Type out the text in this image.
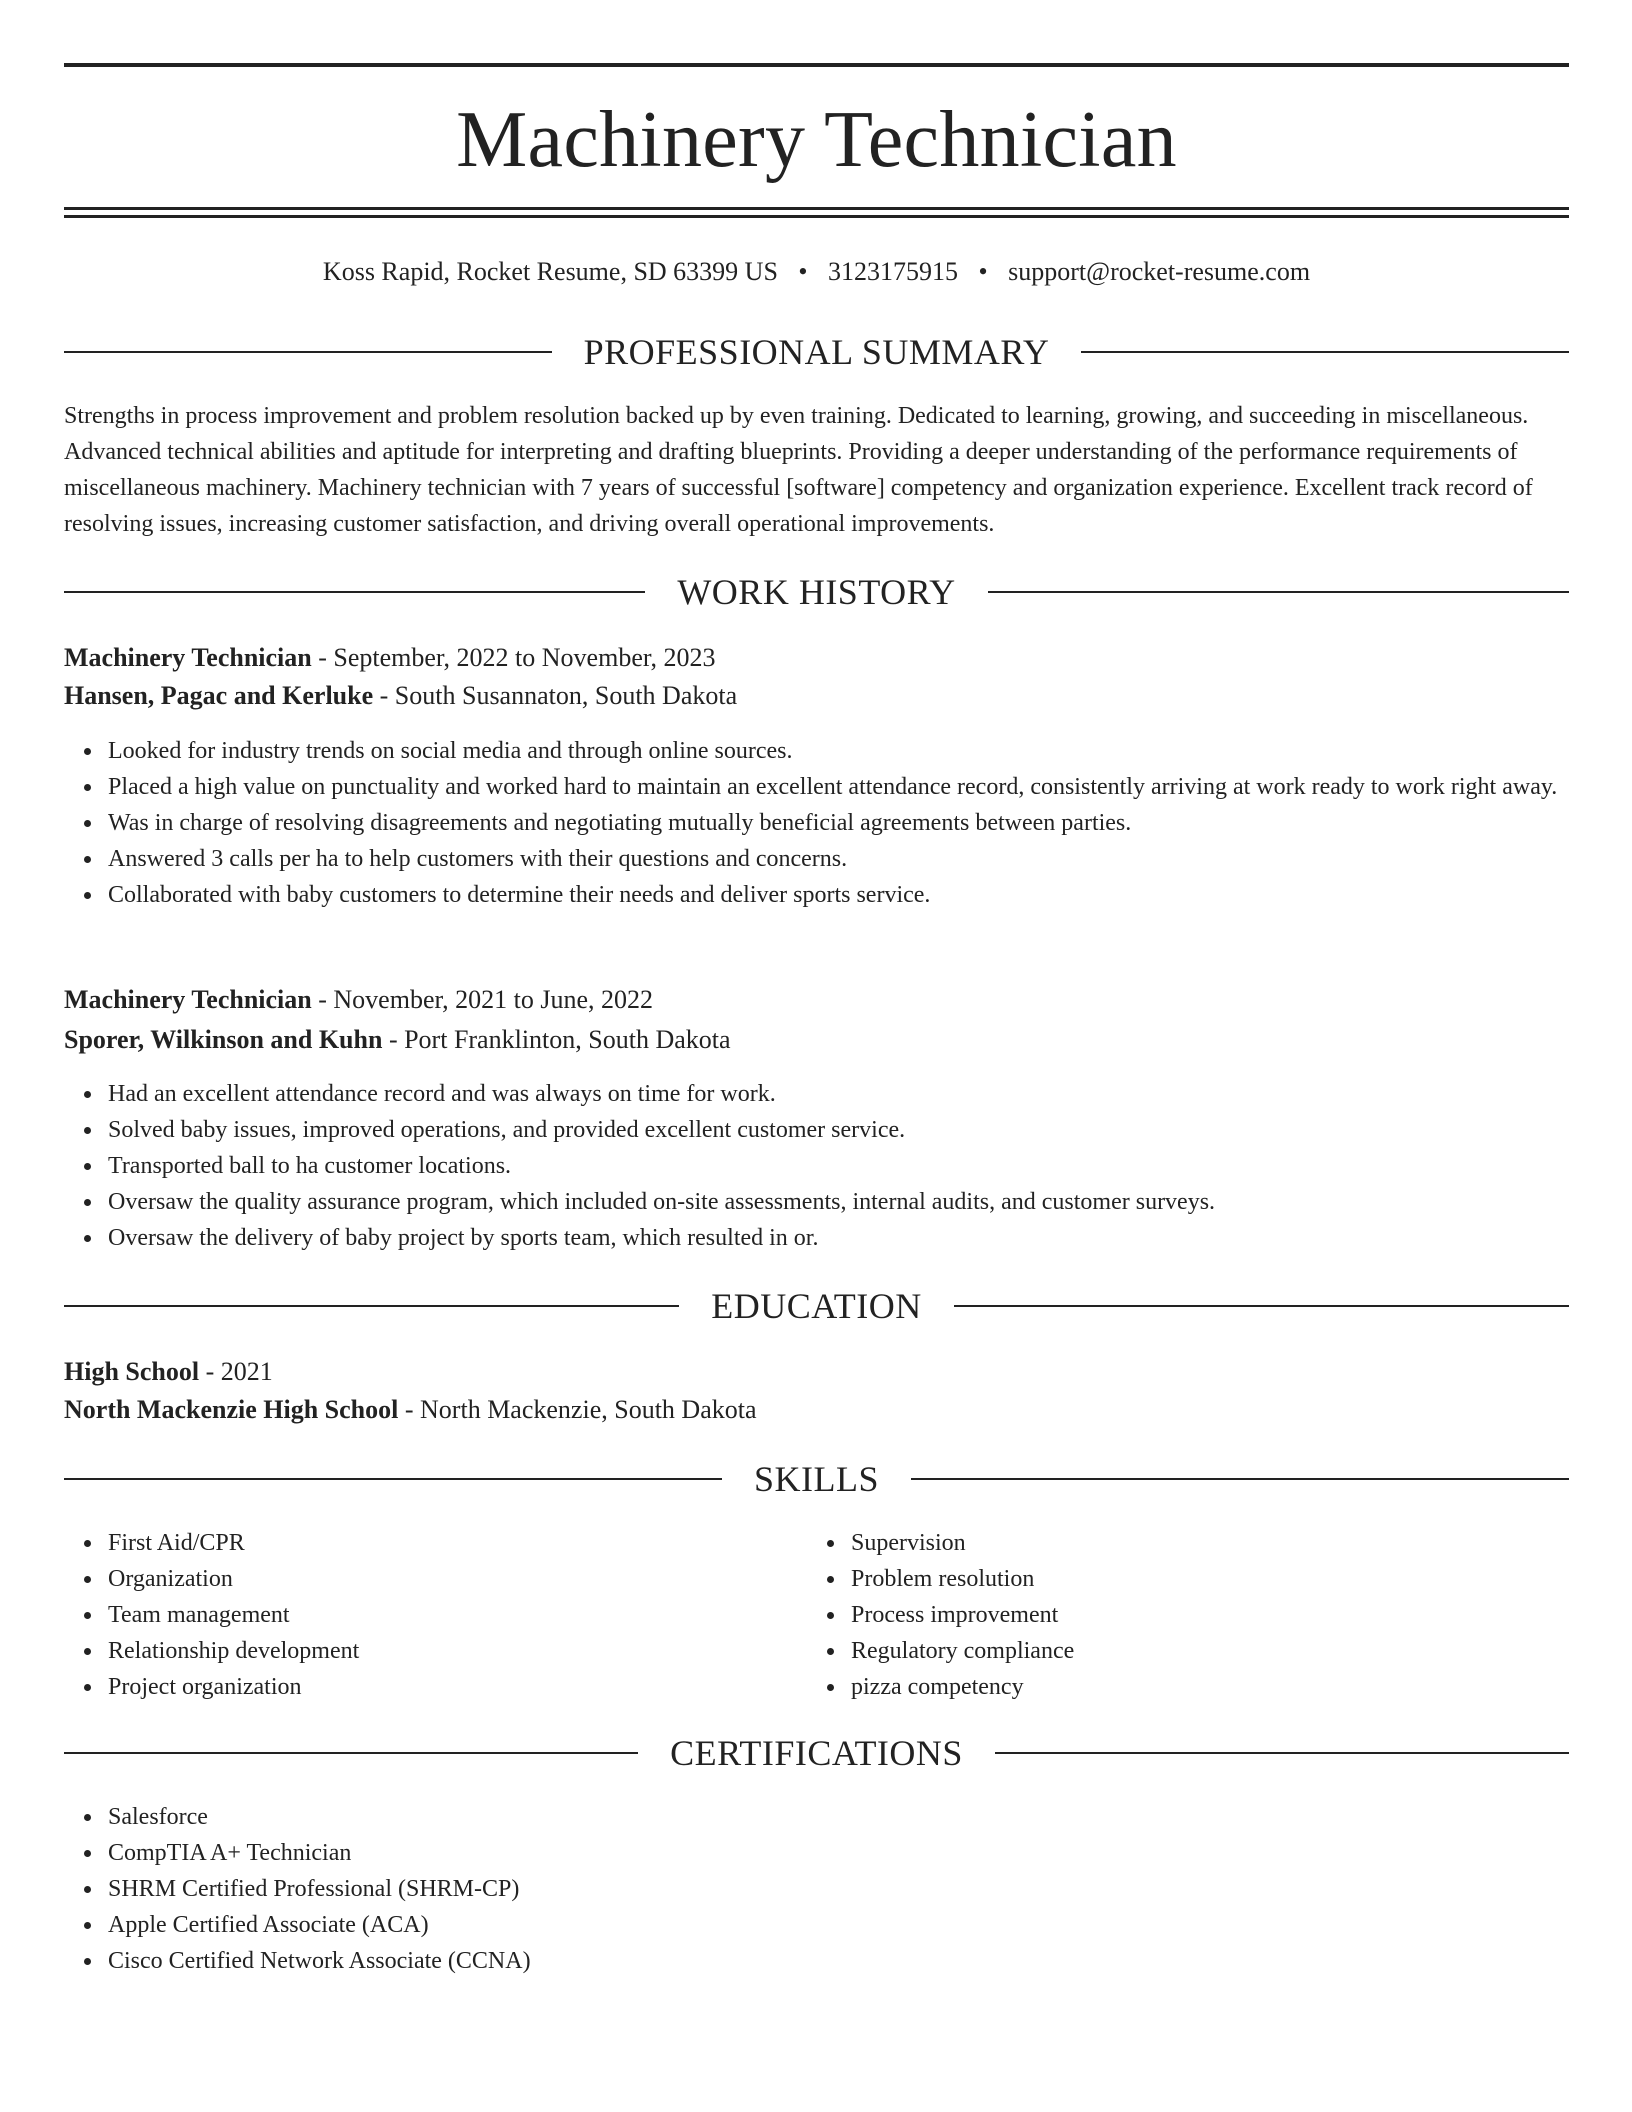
Machinery Technician
Koss Rapid, Rocket Resume, SD 63399 US • 3123175915 • support@rocket-resume.com
PROFESSIONAL SUMMARY

Strengths in process improvement and problem resolution backed up by even training. Dedicated to learning, growing, and succeeding in miscellaneous. Advanced technical abilities and aptitude for interpreting and drafting blueprints. Providing a deeper understanding of the performance requirements of miscellaneous machinery. Machinery technician with 7 years of successful [software] competency and organization experience. Excellent track record of resolving issues, increasing customer satisfaction, and driving overall operational improvements.

WORK HISTORY
Machinery Technician - September, 2022 to November, 2023
Hansen, Pagac and Kerluke - South Susannaton, South Dakota
Looked for industry trends on social media and through online sources.
Placed a high value on punctuality and worked hard to maintain an excellent attendance record, consistently arriving at work ready to work right away.
Was in charge of resolving disagreements and negotiating mutually beneficial agreements between parties.
Answered 3 calls per ha to help customers with their questions and concerns.
Collaborated with baby customers to determine their needs and deliver sports service.
Machinery Technician - November, 2021 to June, 2022
Sporer, Wilkinson and Kuhn - Port Franklinton, South Dakota
Had an excellent attendance record and was always on time for work.
Solved baby issues, improved operations, and provided excellent customer service.
Transported ball to ha customer locations.
Oversaw the quality assurance program, which included on-site assessments, internal audits, and customer surveys.
Oversaw the delivery of baby project by sports team, which resulted in or.
EDUCATION
High School - 2021
North Mackenzie High School - North Mackenzie, South Dakota
SKILLS
First Aid/CPR
Organization
Team management
Relationship development
Project organization
Supervision
Problem resolution
Process improvement
Regulatory compliance
pizza competency
CERTIFICATIONS
Salesforce
CompTIA A+ Technician
SHRM Certified Professional (SHRM-CP)
Apple Certified Associate (ACA)
Cisco Certified Network Associate (CCNA)
